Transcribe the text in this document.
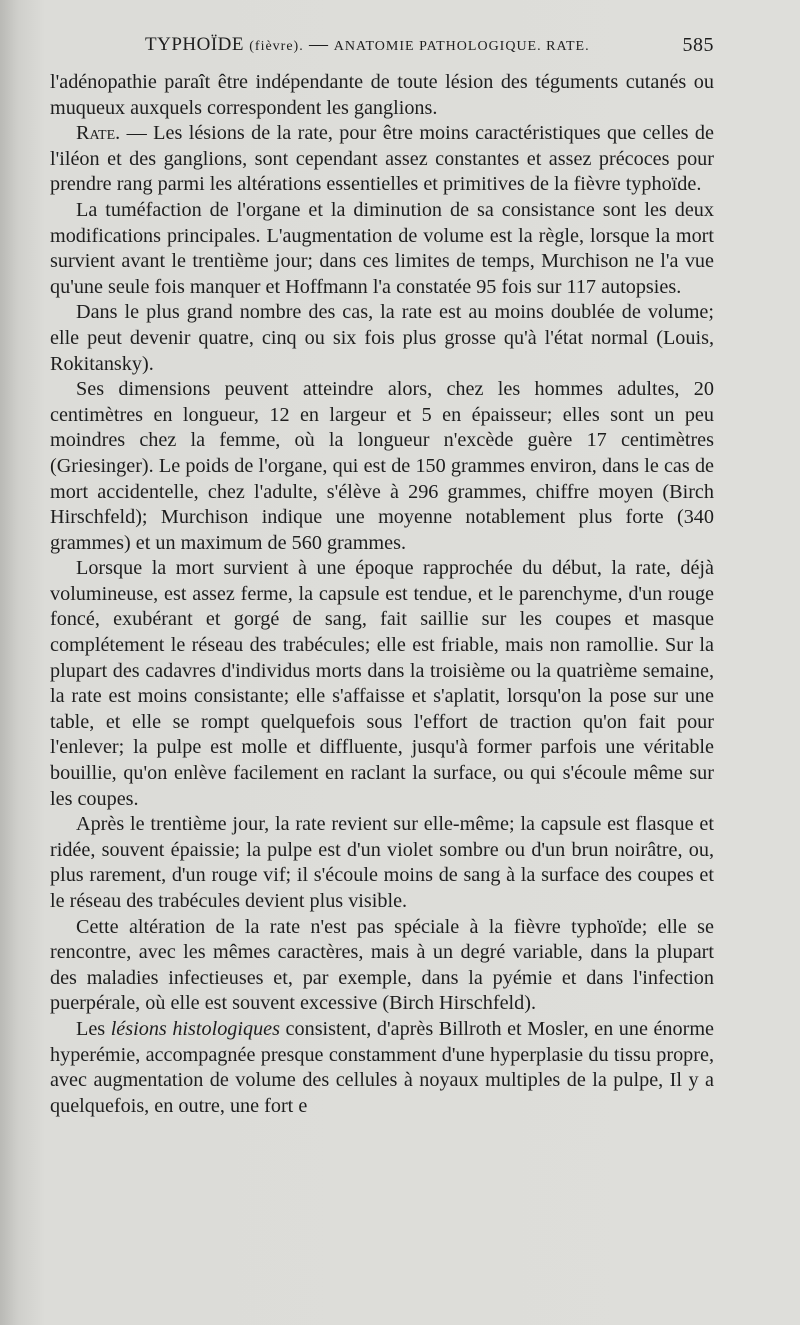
TYPHOÏDE (fièvre). — ANATOMIE PATHOLOGIQUE. RATE.	585

l'adénopathie paraît être indépendante de toute lésion des téguments cutanés ou muqueux auxquels correspondent les ganglions.

Rate. — Les lésions de la rate, pour être moins caractéristiques que celles de l'iléon et des ganglions, sont cependant assez constantes et assez précoces pour prendre rang parmi les altérations essentielles et primitives de la fièvre typhoïde.

La tuméfaction de l'organe et la diminution de sa consistance sont les deux modifications principales. L'augmentation de volume est la règle, lorsque la mort survient avant le trentième jour; dans ces limites de temps, Murchison ne l'a vue qu'une seule fois manquer et Hoffmann l'a constatée 95 fois sur 117 autopsies.

Dans le plus grand nombre des cas, la rate est au moins doublée de volume; elle peut devenir quatre, cinq ou six fois plus grosse qu'à l'état normal (Louis, Rokitansky).

Ses dimensions peuvent atteindre alors, chez les hommes adultes, 20 centimètres en longueur, 12 en largeur et 5 en épaisseur; elles sont un peu moindres chez la femme, où la longueur n'excède guère 17 centimètres (Griesinger). Le poids de l'organe, qui est de 150 grammes environ, dans le cas de mort accidentelle, chez l'adulte, s'élève à 296 grammes, chiffre moyen (Birch Hirschfeld); Murchison indique une moyenne notablement plus forte (340 grammes) et un maximum de 560 grammes.

Lorsque la mort survient à une époque rapprochée du début, la rate, déjà volumineuse, est assez ferme, la capsule est tendue, et le parenchyme, d'un rouge foncé, exubérant et gorgé de sang, fait saillie sur les coupes et masque complétement le réseau des trabécules; elle est friable, mais non ramollie. Sur la plupart des cadavres d'individus morts dans la troisième ou la quatrième semaine, la rate est moins consistante; elle s'affaisse et s'aplatit, lorsqu'on la pose sur une table, et elle se rompt quelquefois sous l'effort de traction qu'on fait pour l'enlever; la pulpe est molle et diffluente, jusqu'à former parfois une véritable bouillie, qu'on enlève facilement en raclant la surface, ou qui s'écoule même sur les coupes.

Après le trentième jour, la rate revient sur elle-même; la capsule est flasque et ridée, souvent épaissie; la pulpe est d'un violet sombre ou d'un brun noirâtre, ou, plus rarement, d'un rouge vif; il s'écoule moins de sang à la surface des coupes et le réseau des trabécules devient plus visible.

Cette altération de la rate n'est pas spéciale à la fièvre typhoïde; elle se rencontre, avec les mêmes caractères, mais à un degré variable, dans la plupart des maladies infectieuses et, par exemple, dans la pyémie et dans l'infection puerpérale, où elle est souvent excessive (Birch Hirschfeld).

Les lésions histologiques consistent, d'après Billroth et Mosler, en une énorme hyperémie, accompagnée presque constamment d'une hyperplasie du tissu propre, avec augmentation de volume des cellules à noyaux multiples de la pulpe, Il y a quelquefois, en outre, une fort e
